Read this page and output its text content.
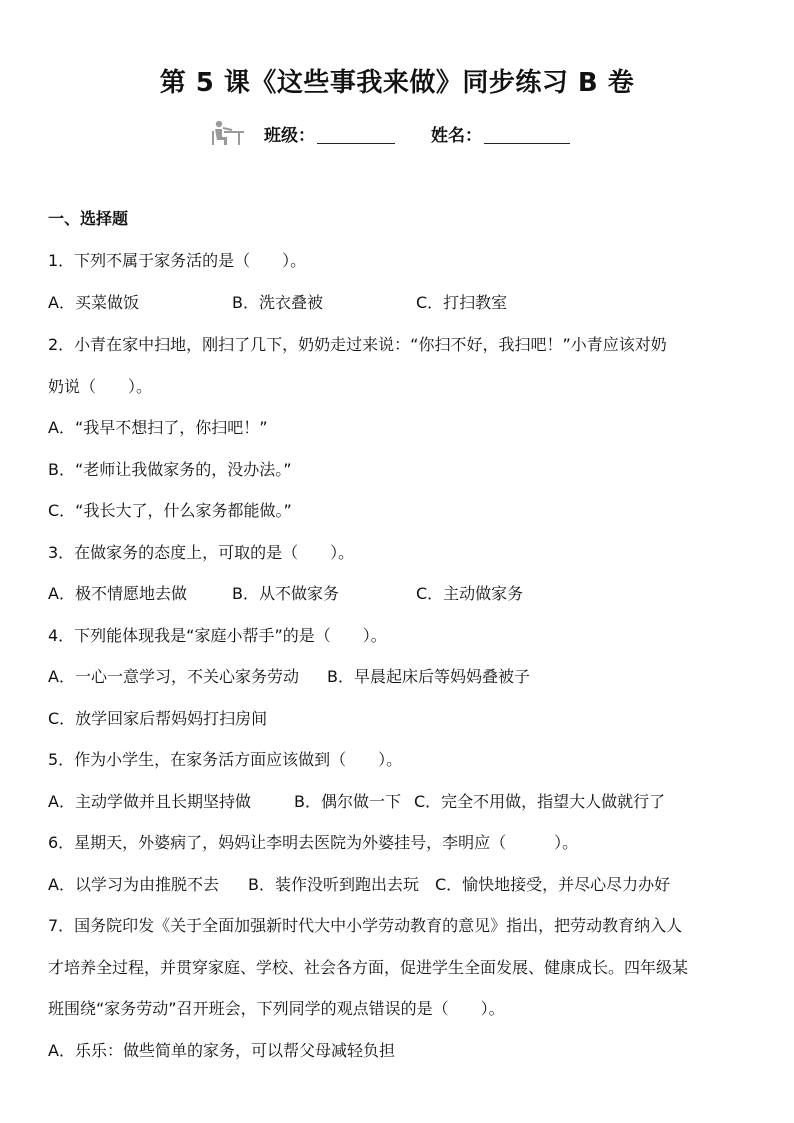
第 5 课《这些事我来做》同步练习 B 卷
班级：	姓名：
一、选择题
1．下列不属于家务活的是（　　）。
A．买菜做饭	B．洗衣叠被	C．打扫教室
2．小青在家中扫地，刚扫了几下，奶奶走过来说：“你扫不好，我扫吧！”小青应该对奶
奶说（　　）。
A．“我早不想扫了，你扫吧！”
B．“老师让我做家务的，没办法。”
C．“我长大了，什么家务都能做。”
3．在做家务的态度上，可取的是（　　）。
A．极不情愿地去做	B．从不做家务	C．主动做家务
4．下列能体现我是“家庭小帮手”的是（　　）。
A．一心一意学习，不关心家务劳动 B．早晨起床后等妈妈叠被子
C．放学回家后帮妈妈打扫房间
5．作为小学生，在家务活方面应该做到（　　）。
A．主动学做并且长期坚持做	B．偶尔做一下 C．完全不用做，指望大人做就行了
6．星期天，外婆病了，妈妈让李明去医院为外婆挂号，李明应（　　　）。
A．以学习为由推脱不去 B．装作没听到跑出去玩 C．愉快地接受，并尽心尽力办好
7．国务院印发《关于全面加强新时代大中小学劳动教育的意见》指出，把劳动教育纳入人
才培养全过程，并贯穿家庭、学校、社会各方面，促进学生全面发展、健康成长。四年级某
班围绕“家务劳动”召开班会，下列同学的观点错误的是（　　）。
A．乐乐：做些简单的家务，可以帮父母减轻负担
